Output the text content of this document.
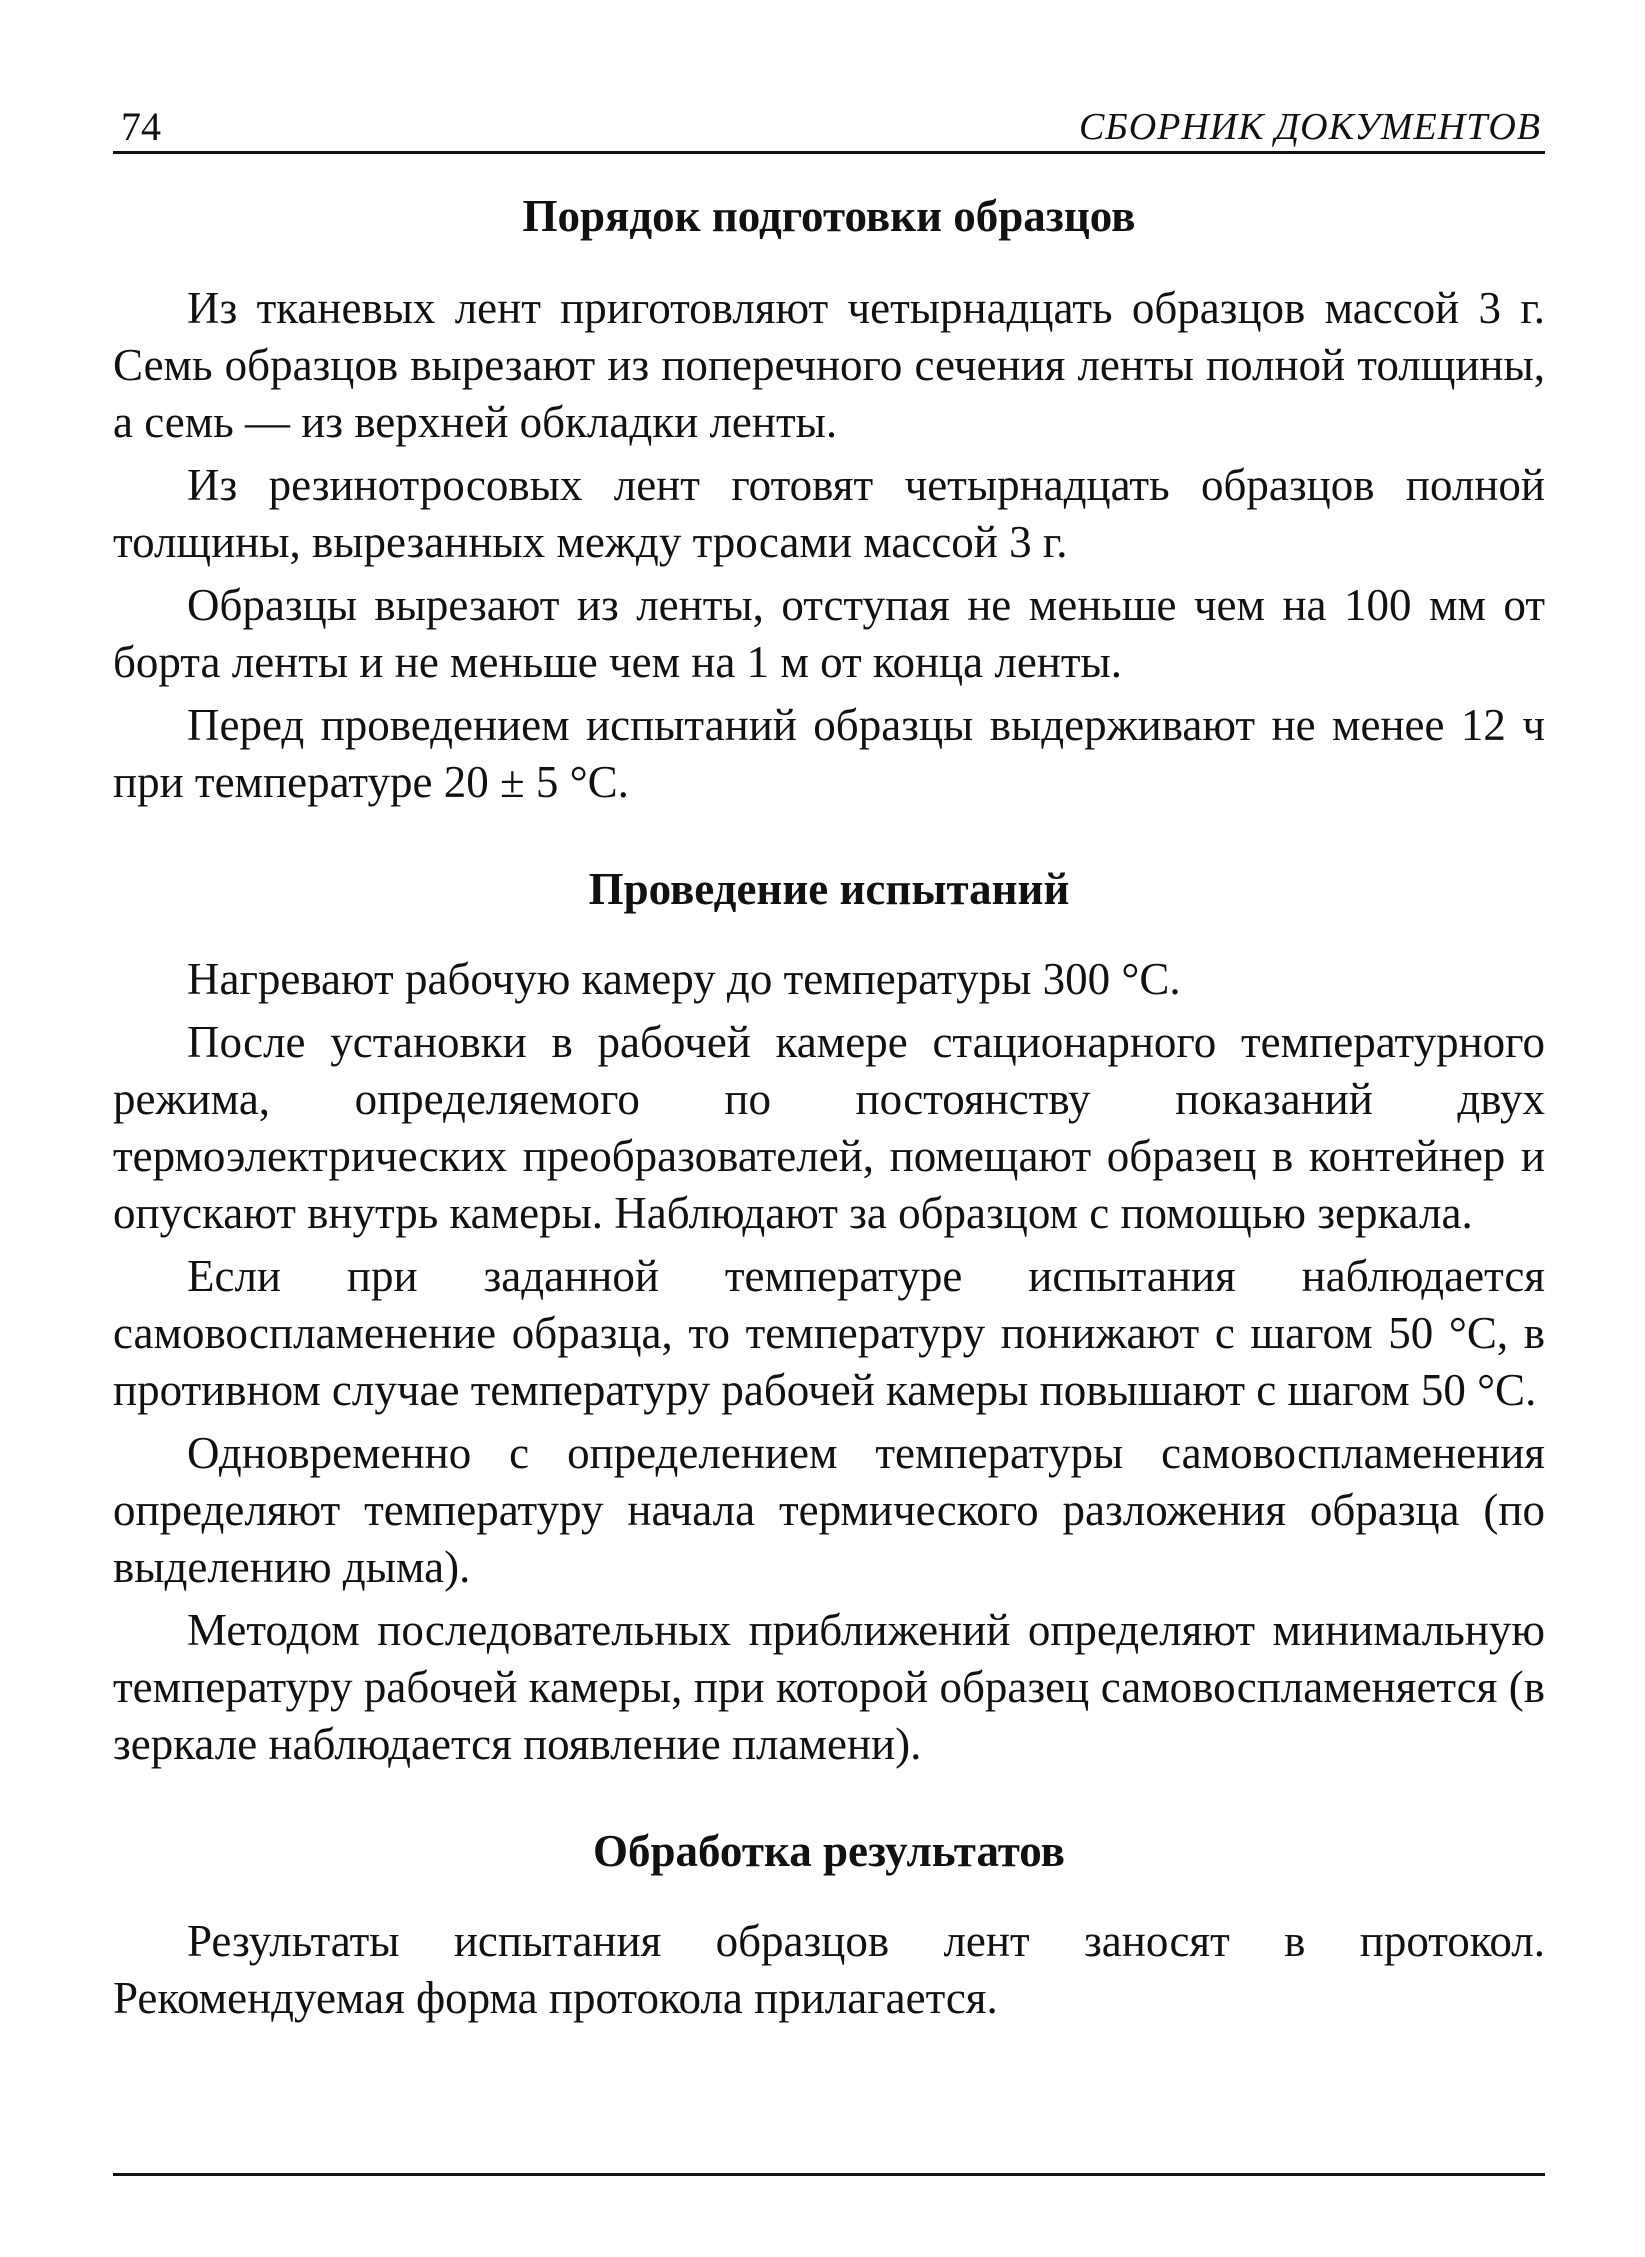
74	СБОРНИК ДОКУМЕНТОВ
Порядок подготовки образцов

Из тканевых лент приготовляют четырнадцать образцов массой 3 г. Семь образцов вырезают из поперечного сечения ленты полной толщины, а семь — из верхней обкладки ленты.

Из резинотросовых лент готовят четырнадцать образцов полной толщины, вырезанных между тросами массой 3 г.

Образцы вырезают из ленты, отступая не меньше чем на 100 мм от борта ленты и не меньше чем на 1 м от конца ленты.

Перед проведением испытаний образцы выдерживают не менее 12 ч при температуре 20 ± 5 °С.

Проведение испытаний

Нагревают рабочую камеру до температуры 300 °С.

После установки в рабочей камере стационарного температурного режима, определяемого по постоянству показаний двух термоэлектрических преобразователей, помещают образец в контейнер и опускают внутрь камеры. Наблюдают за образцом с помощью зеркала.

Если при заданной температуре испытания наблюдается самовоспламенение образца, то температуру понижают с шагом 50 °С, в противном случае температуру рабочей камеры повышают с шагом 50 °С.

Одновременно с определением температуры самовоспламенения определяют температуру начала термического разложения образца (по выделению дыма).

Методом последовательных приближений определяют минимальную температуру рабочей камеры, при которой образец самовоспламеняется (в зеркале наблюдается появление пламени).

Обработка результатов

Результаты испытания образцов лент заносят в протокол. Рекомендуемая форма протокола прилагается.
